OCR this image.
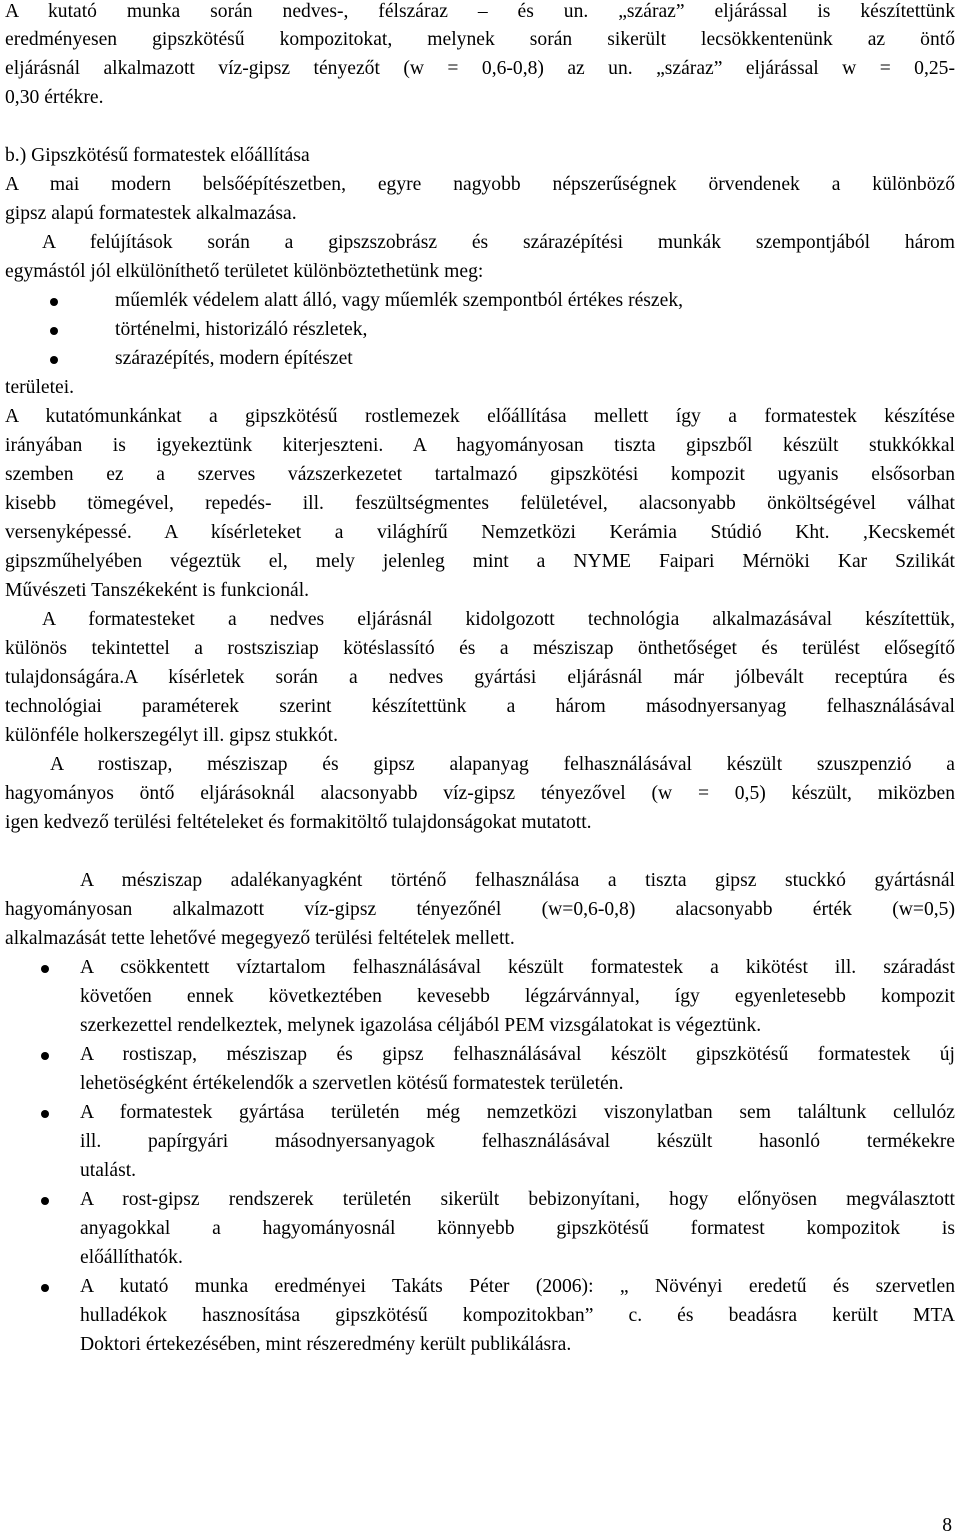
A kutató munka során nedves-, félszáraz – és un. „száraz” eljárással is készítettünk

eredményesen gipszkötésű kompozitokat, melynek során sikerült lecsökkentenünk az öntő

eljárásnál alkalmazott víz-gipsz tényezőt (w = 0,6-0,8) az un. „száraz” eljárással w = 0,25-

0,30 értékre.

b.) Gipszkötésű formatestek előállítása

A mai modern belsőépítészetben, egyre nagyobb népszerűségnek örvendenek a különböző

gipsz alapú formatestek alkalmazása.

A felújítások során a gipszszobrász és szárazépítési munkák szempontjából három

egymástól jól elkülöníthető területet különböztethetünk meg:

műemlék védelem alatt álló, vagy műemlék szempontból értékes részek,

történelmi, historizáló részletek,

szárazépítés, modern építészet

területei.

A kutatómunkánkat a gipszkötésű rostlemezek előállítása mellett így a formatestek készítése

irányában is igyekeztünk kiterjeszteni. A hagyományosan tiszta gipszből készült stukkókkal

szemben ez a szerves vázszerkezetet tartalmazó gipszkötési kompozit ugyanis elsősorban

kisebb tömegével, repedés- ill. feszültségmentes felületével, alacsonyabb önköltségével válhat

versenyképessé. A kísérleteket a világhírű Nemzetközi Kerámia Stúdió Kht. ,Kecskemét

gipszműhelyében végeztük el, mely jelenleg mint a NYME Faipari Mérnöki Kar Szilikát

Művészeti Tanszékeként is funkcionál.

A formatesteket a nedves eljárásnál kidolgozott technológia alkalmazásával készítettük,

különös tekintettel a rostszisziap kötéslassító és a mésziszap önthetőséget és terülést elősegítő

tulajdonságára.A kísérletek során a nedves gyártási eljárásnál már jólbevált receptúra és

technológiai paraméterek szerint készítettünk a három másodnyersanyag felhasználásával

különféle holkerszegélyt ill. gipsz stukkót.

A rostiszap, mésziszap és gipsz alapanyag felhasználásával készült szuszpenzió a

hagyományos öntő eljárásoknál alacsonyabb víz-gipsz tényezővel (w = 0,5) készült, miközben

igen kedvező terülési feltételeket és formakitöltő tulajdonságokat mutatott.

A mésziszap adalékanyagként történő felhasználása a tiszta gipsz stuckkó gyártásnál

hagyományosan alkalmazott víz-gipsz tényezőnél (w=0,6-0,8) alacsonyabb érték (w=0,5)

alkalmazását tette lehetővé megegyező terülési feltételek mellett.

A csökkentett víztartalom felhasználásával készült formatestek a kikötést ill. száradást

követően ennek következtében kevesebb légzárvánnyal, így egyenletesebb kompozit

szerkezettel rendelkeztek, melynek igazolása céljából PEM vizsgálatokat is végeztünk.

A rostiszap, mésziszap és gipsz felhasználásával készölt gipszkötésű formatestek új

lehetöségként értékelendők a szervetlen kötésű formatestek területén.

A formatestek gyártása területén még nemzetközi viszonylatban sem találtunk cellulóz

ill. papírgyári másodnyersanyagok felhasználásával készült hasonló termékekre

utalást.

A rost-gipsz rendszerek területén sikerült bebizonyítani, hogy előnyösen megválasztott

anyagokkal a hagyományosnál könnyebb gipszkötésű formatest kompozitok is

előállíthatók.

A kutató munka eredményei Takáts Péter (2006): „ Növényi eredetű és szervetlen

hulladékok hasznosítása gipszkötésű kompozitokban” c. és beadásra került MTA

Doktori értekezésében, mint részeredmény került publikálásra.

8
